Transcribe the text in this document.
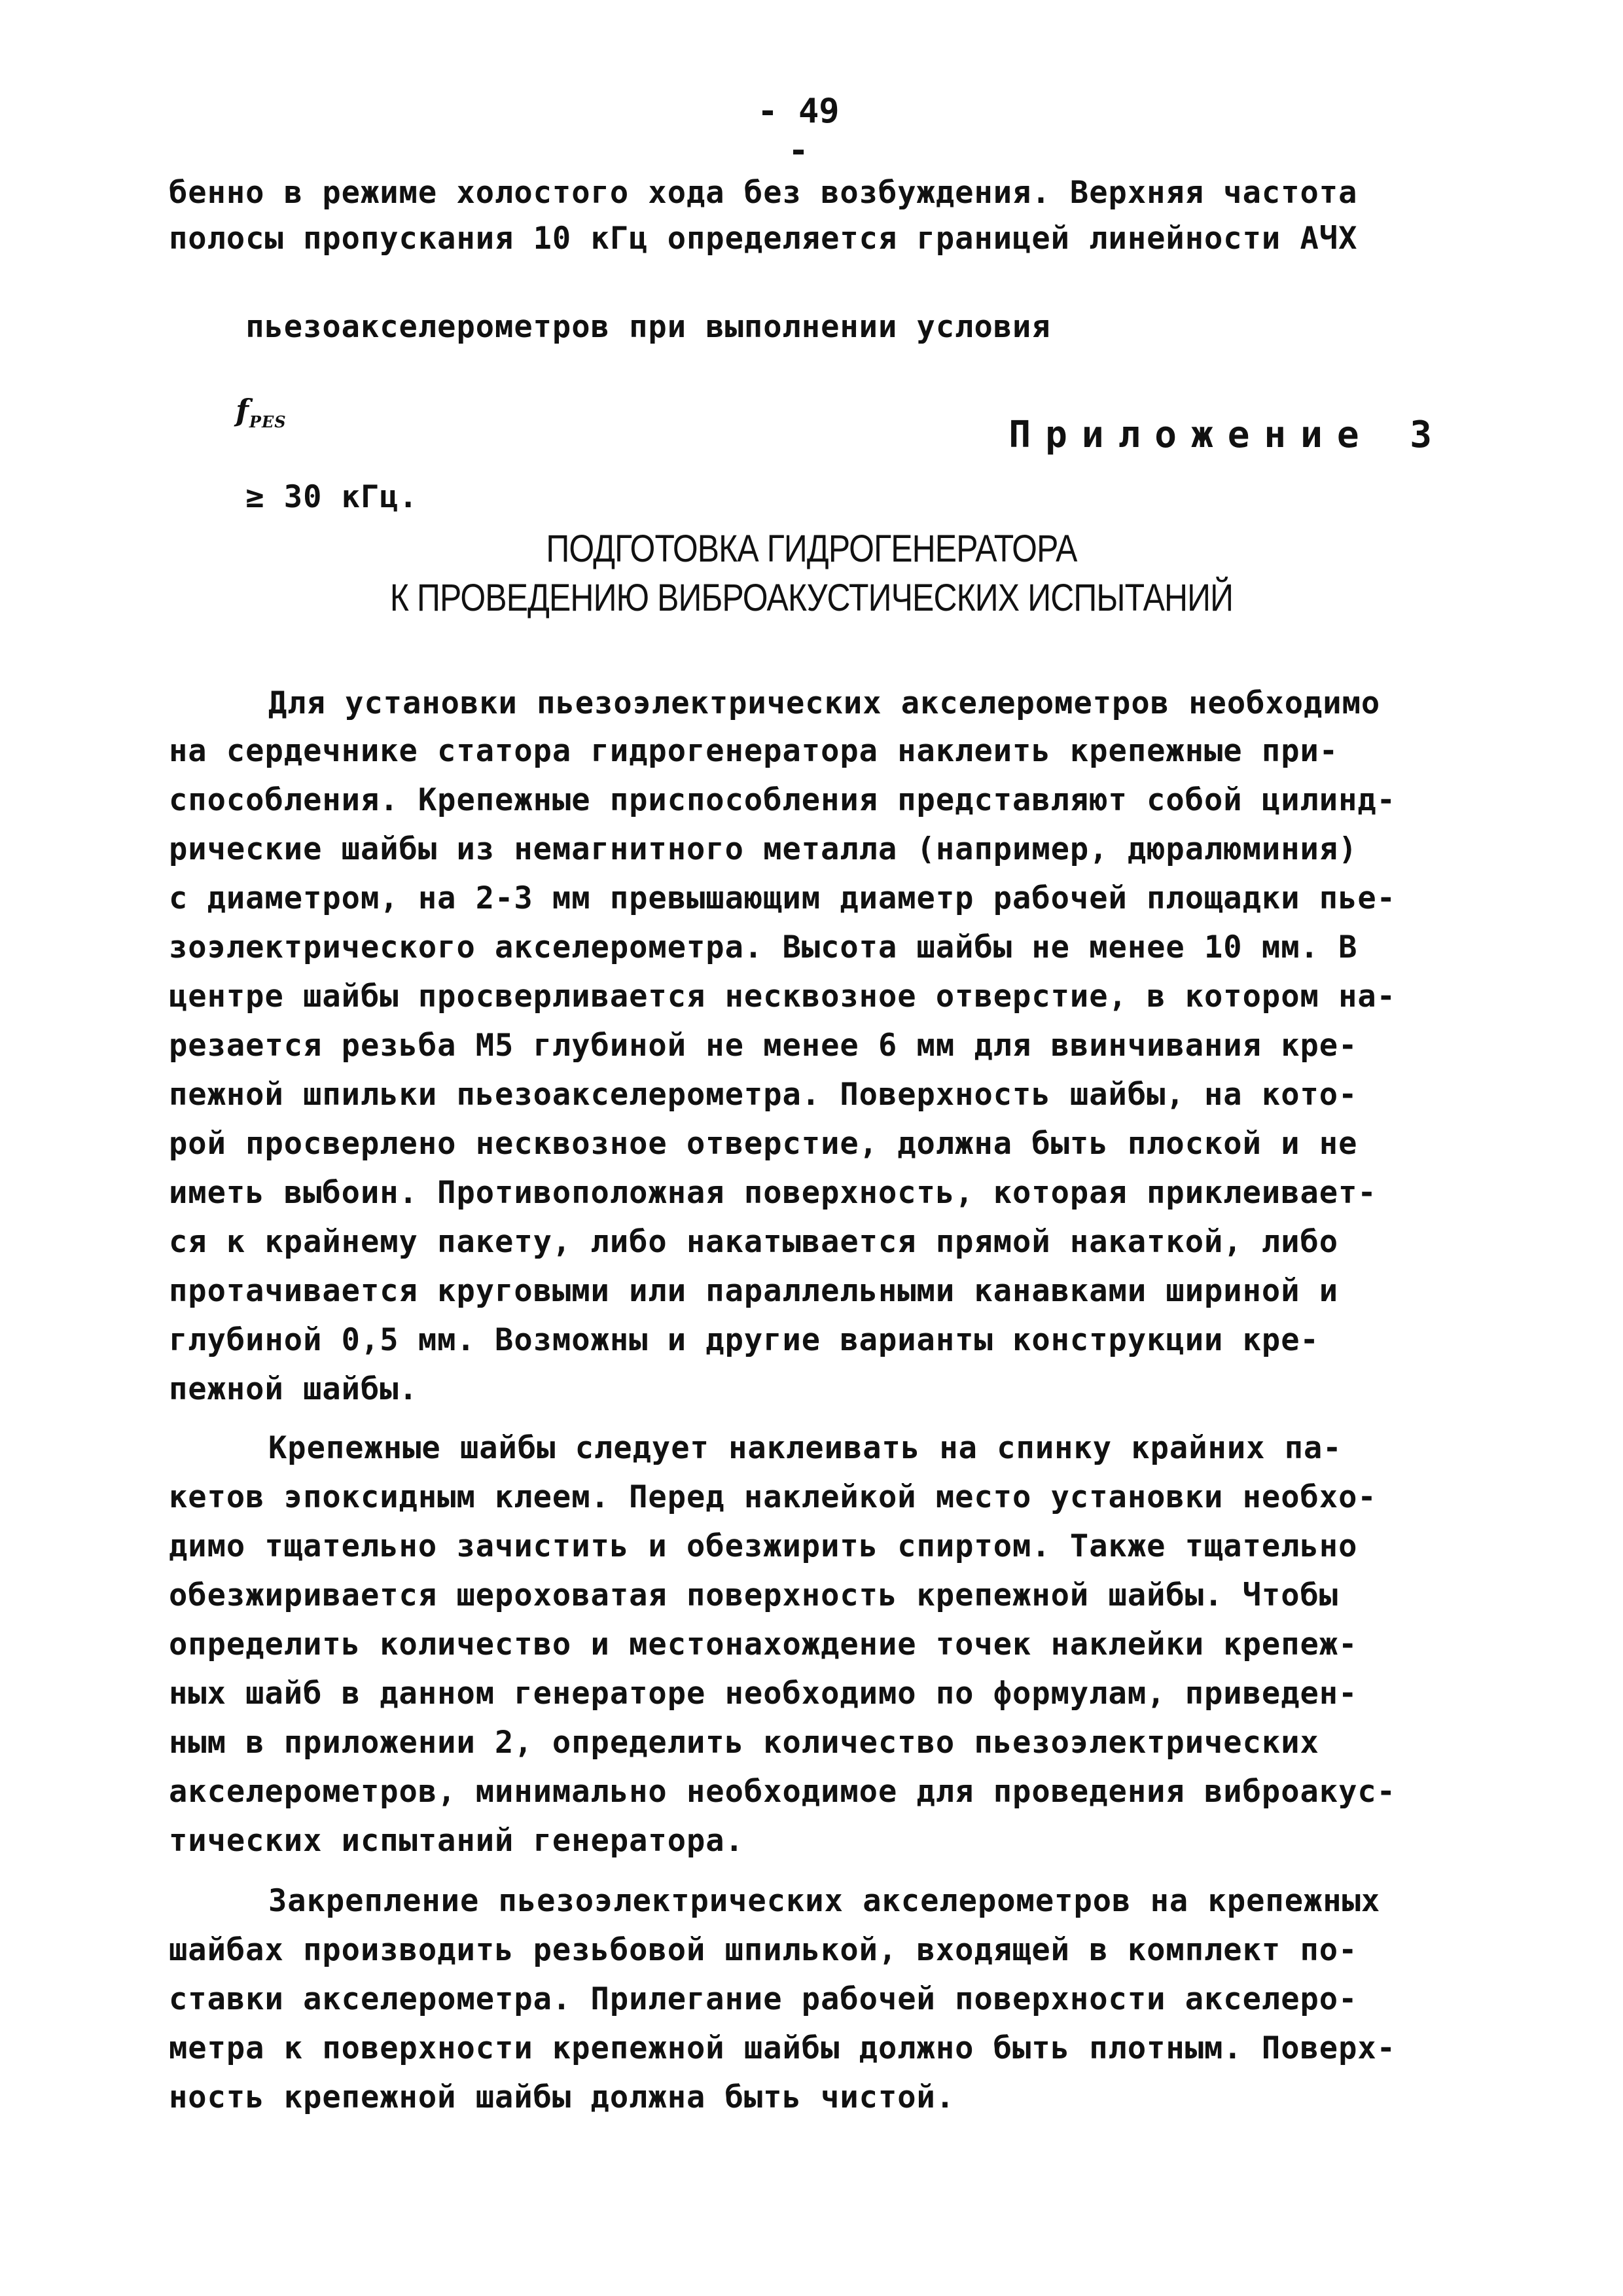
- 49 -
бенно в режиме холостого хода без возбуждения. Верхняя частота
полосы пропускания 10 кГц определяется границей линейности АЧХ

пьезоакселерометров при выполнении условия

$f_{PES}$

≥ 30 кГц.

Приложение 3
ПОДГОТОВКА ГИДРОГЕНЕРАТОРА
К ПРОВЕДЕНИЮ ВИБРОАКУСТИЧЕСКИХ ИСПЫТАНИЙ
Для установки пьезоэлектрических акселерометров необходимо
на сердечнике статора гидрогенератора наклеить крепежные при-
способления. Крепежные приспособления представляют собой цилинд-
рические шайбы из немагнитного металла (например, дюралюминия)
с диаметром, на 2-3 мм превышающим диаметр рабочей площадки пье-
зоэлектрического акселерометра. Высота шайбы не менее 10 мм. В
центре шайбы просверливается несквозное отверстие, в котором на-
резается резьба М5 глубиной не менее 6 мм для ввинчивания кре-
пежной шпильки пьезоакселерометра. Поверхность шайбы, на кото-
рой просверлено несквозное отверстие, должна быть плоской и не
иметь выбоин. Противоположная поверхность, которая приклеивает-
ся к крайнему пакету, либо накатывается прямой накаткой, либо
протачивается круговыми или параллельными канавками шириной и
глубиной 0,5 мм. Возможны и другие варианты конструкции кре-
пежной шайбы.
Крепежные шайбы следует наклеивать на спинку крайних па-
кетов эпоксидным клеем. Перед наклейкой место установки необхо-
димо тщательно зачистить и обезжирить спиртом. Также тщательно
обезжиривается шероховатая поверхность крепежной шайбы. Чтобы
определить количество и местонахождение точек наклейки крепеж-
ных шайб в данном генераторе необходимо по формулам, приведен-
ным в приложении 2, определить количество пьезоэлектрических
акселерометров, минимально необходимое для проведения виброакус-
тических испытаний генератора.
Закрепление пьезоэлектрических акселерометров на крепежных
шайбах производить резьбовой шпилькой, входящей в комплект по-
ставки акселерометра. Прилегание рабочей поверхности акселеро-
метра к поверхности крепежной шайбы должно быть плотным. Поверх-
ность крепежной шайбы должна быть чистой.
